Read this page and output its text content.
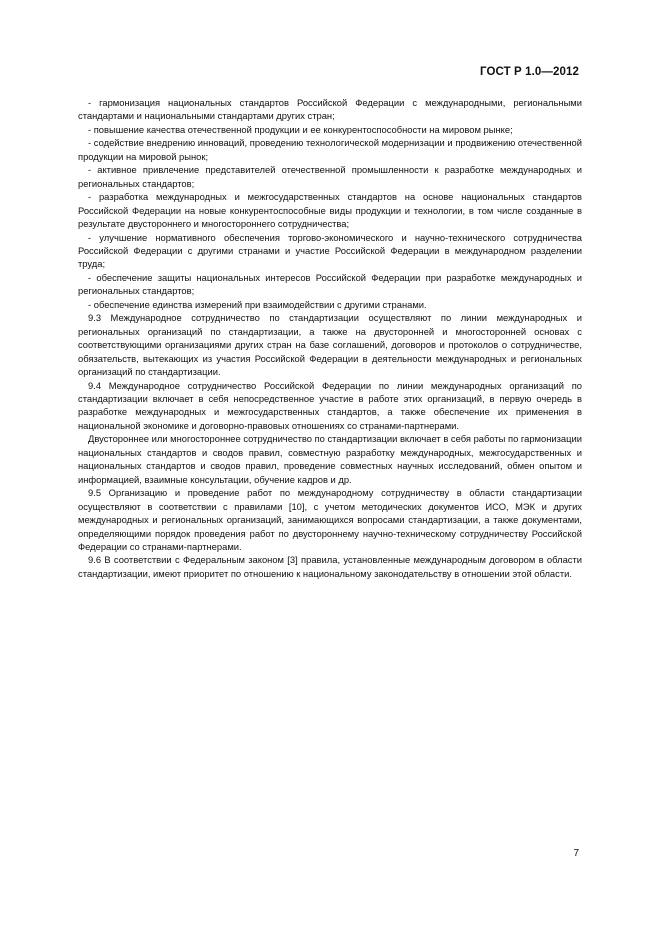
ГОСТ Р 1.0—2012

- гармонизация национальных стандартов Российской Федерации с международными, региональными стандартами и национальными стандартами других стран;

- повышение качества отечественной продукции и ее конкурентоспособности на мировом рынке;

- содействие внедрению инноваций, проведению технологической модернизации и продвижению отечественной продукции на мировой рынок;

- активное привлечение представителей отечественной промышленности к разработке международных и региональных стандартов;

- разработка международных и межгосударственных стандартов на основе национальных стандартов Российской Федерации на новые конкурентоспособные виды продукции и технологии, в том числе созданные в результате двустороннего и многостороннего сотрудничества;

- улучшение нормативного обеспечения торгово-экономического и научно-технического сотрудничества Российской Федерации с другими странами и участие Российской Федерации в международном разделении труда;

- обеспечение защиты национальных интересов Российской Федерации при разработке международных и региональных стандартов;

- обеспечение единства измерений при взаимодействии с другими странами.

9.3 Международное сотрудничество по стандартизации осуществляют по линии международных и региональных организаций по стандартизации, а также на двусторонней и многосторонней основах с соответствующими организациями других стран на базе соглашений, договоров и протоколов о сотрудничестве, обязательств, вытекающих из участия Российской Федерации в деятельности международных и региональных организаций по стандартизации.

9.4 Международное сотрудничество Российской Федерации по линии международных организаций по стандартизации включает в себя непосредственное участие в работе этих организаций, в первую очередь в разработке международных и межгосударственных стандартов, а также обеспечение их применения в национальной экономике и договорно-правовых отношениях со странами-партнерами.

Двустороннее или многостороннее сотрудничество по стандартизации включает в себя работы по гармонизации национальных стандартов и сводов правил, совместную разработку международных, межгосударственных и национальных стандартов и сводов правил, проведение совместных научных исследований, обмен опытом и информацией, взаимные консультации, обучение кадров и др.

9.5 Организацию и проведение работ по международному сотрудничеству в области стандартизации осуществляют в соответствии с правилами [10], с учетом методических документов ИСО, МЭК и других международных и региональных организаций, занимающихся вопросами стандартизации, а также документами, определяющими порядок проведения работ по двустороннему научно-техническому сотрудничеству Российской Федерации со странами-партнерами.

9.6 В соответствии с Федеральным законом [3] правила, установленные международным договором в области стандартизации, имеют приоритет по отношению к национальному законодательству в отношении этой области.

7
